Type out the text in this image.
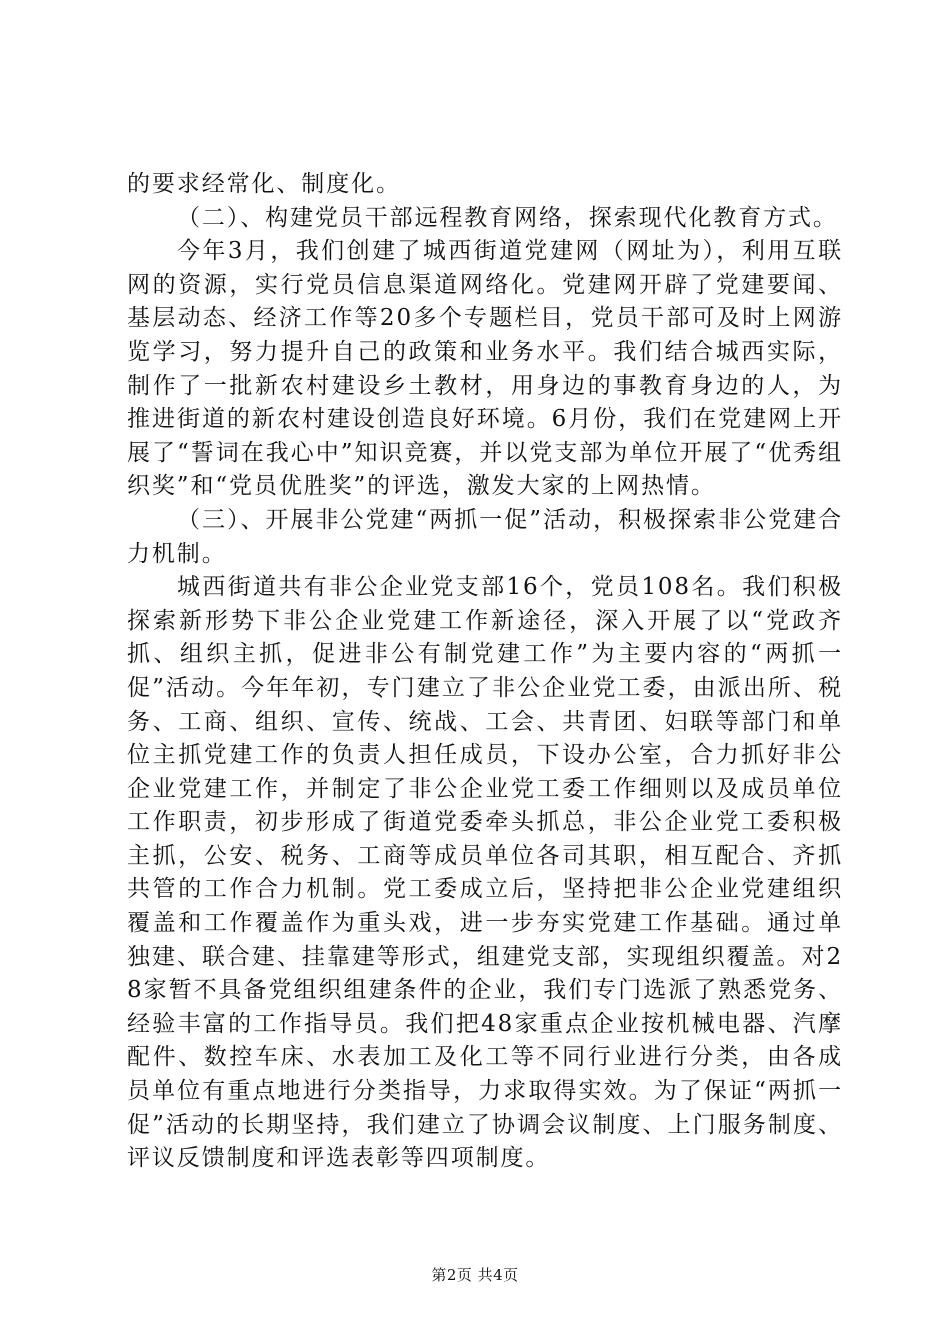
的要求经常化、制度化。

（二）、构建党员干部远程教育网络，探索现代化教育方式。

今年3月，我们创建了城西街道党建网（网址为），利用互联网的资源，实行党员信息渠道网络化。党建网开辟了党建要闻、基层动态、经济工作等20多个专题栏目，党员干部可及时上网游览学习，努力提升自己的政策和业务水平。我们结合城西实际，制作了一批新农村建设乡土教材，用身边的事教育身边的人，为推进街道的新农村建设创造良好环境。6月份，我们在党建网上开展了“誓词在我心中”知识竞赛，并以党支部为单位开展了“优秀组织奖”和“党员优胜奖”的评选，激发大家的上网热情。

（三）、开展非公党建“两抓一促”活动，积极探索非公党建合力机制。

城西街道共有非公企业党支部16个，党员108名。我们积极探索新形势下非公企业党建工作新途径，深入开展了以“党政齐抓、组织主抓，促进非公有制党建工作”为主要内容的“两抓一促”活动。今年年初，专门建立了非公企业党工委，由派出所、税务、工商、组织、宣传、统战、工会、共青团、妇联等部门和单位主抓党建工作的负责人担任成员，下设办公室，合力抓好非公企业党建工作，并制定了非公企业党工委工作细则以及成员单位工作职责，初步形成了街道党委牵头抓总，非公企业党工委积极主抓，公安、税务、工商等成员单位各司其职，相互配合、齐抓共管的工作合力机制。党工委成立后，坚持把非公企业党建组织覆盖和工作覆盖作为重头戏，进一步夯实党建工作基础。通过单独建、联合建、挂靠建等形式，组建党支部，实现组织覆盖。对28家暂不具备党组织组建条件的企业，我们专门选派了熟悉党务、经验丰富的工作指导员。我们把48家重点企业按机械电器、汽摩配件、数控车床、水表加工及化工等不同行业进行分类，由各成员单位有重点地进行分类指导，力求取得实效。为了保证“两抓一促”活动的长期坚持，我们建立了协调会议制度、上门服务制度、评议反馈制度和评选表彰等四项制度。

第2页 共4页
